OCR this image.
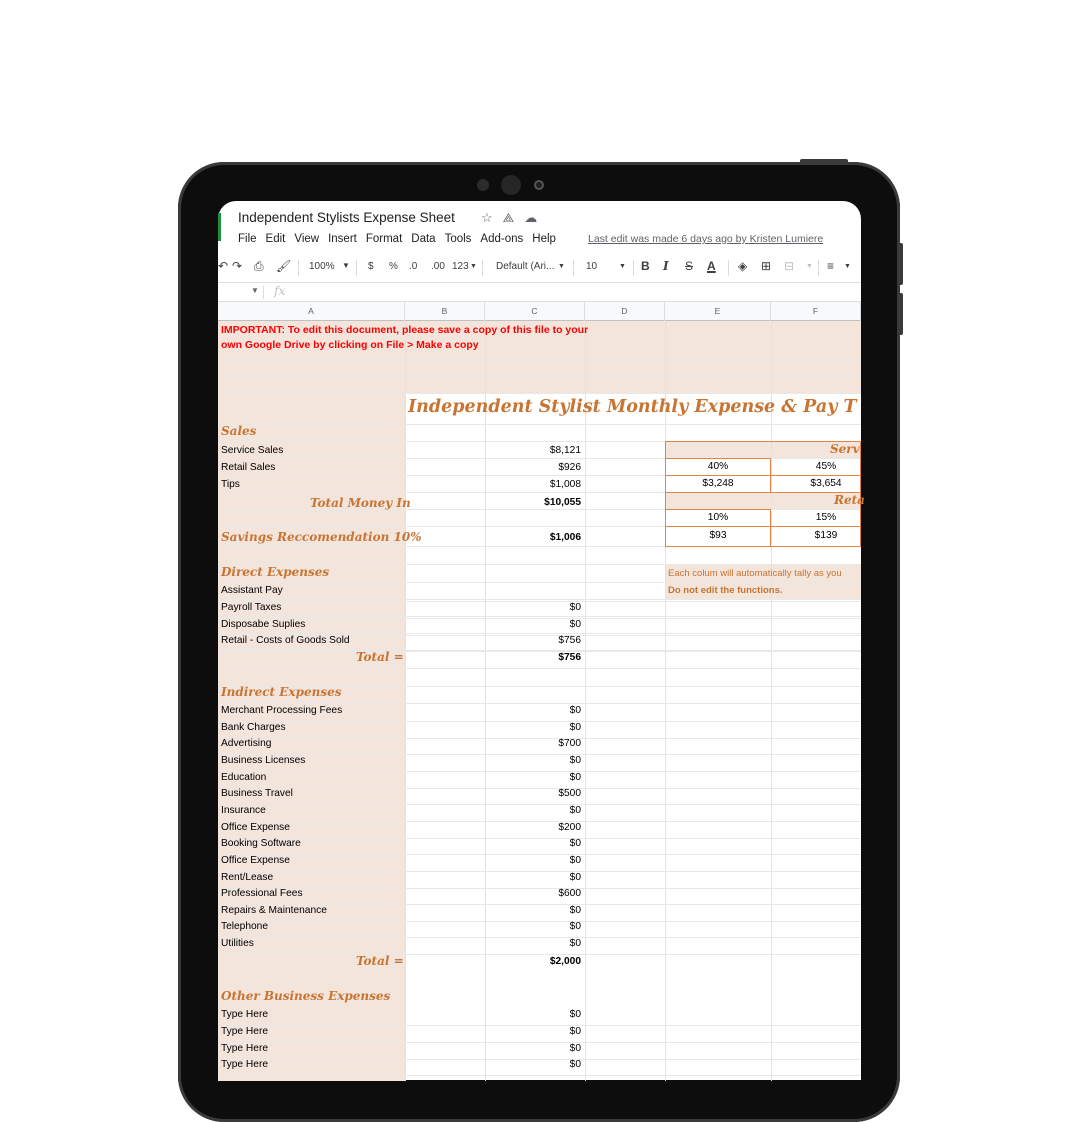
Independent Stylists Expense Sheet ☆⟁☁
File Edit View Insert Format Data Tools Add-ons Help	Last edit was made 6 days ago by Kristen Lumiere
↶ ↷ ⎙ 🖌 100% ▼ $ % .0 .00 123 ▼ Default (Ari... ▼ 10	▼ B I S A ◈ ⊞ ⊟ ▼ ≡ ▼
▼ fx
A	B	C	D	E	F
IMPORTANT: To edit this document, please save a copy of this file to your
own Google Drive by clicking on File > Make a copy
Independent Stylist Monthly Expense & Pay T
Sales
Service Sales	$8,121
Retail Sales	$926
Tips	$1,008
Total Money In	$10,055
Savings Reccomendation 10%	$1,006
Serv
40%	45%
$3,248	$3,654
Reta
10%	15%
$93	$139
Each colum will automatically tally as you
Do not edit the functions.
Direct Expenses
Assistant Pay
Payroll Taxes	$0
Disposabe Suplies	$0
Retail - Costs of Goods Sold	$756
Total =	$756
Indirect Expenses
Merchant Processing Fees	$0
Bank Charges	$0
Advertising	$700
Business Licenses	$0
Education	$0
Business Travel	$500
Insurance	$0
Office Expense	$200
Booking Software	$0
Office Expense	$0
Rent/Lease	$0
Professional Fees	$600
Repairs & Maintenance	$0
Telephone	$0
Utilities	$0
Total =	$2,000
Other Business Expenses
Type Here	$0
Type Here	$0
Type Here	$0
Type Here	$0
